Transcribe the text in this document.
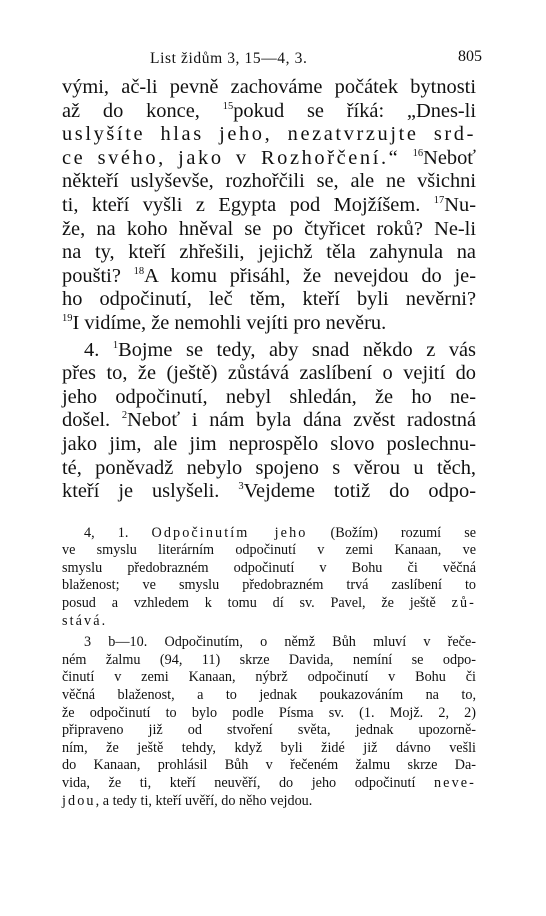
List židům 3, 15—4, 3.	805
vými, ač-li pevně zachováme počátek bytnosti
až do konce, $^{15}$pokud se říká: „Dnes-li
uslyšíte hlas jeho, nezatvrzujte srd-
ce svého, jako v Rozhořčení.“ $^{16}$Neboť
někteří uslyševše, rozhořčili se, ale ne všichni
ti, kteří vyšli z Egypta pod Mojžíšem. $^{17}$Nu-
že, na koho hněval se po čtyřicet roků? Ne-li
na ty, kteří zhřešili, jejichž těla zahynula na
poušti? $^{18}$A komu přisáhl, že nevejdou do je-
ho odpočinutí, leč těm, kteří byli nevěrni?
$^{19}$I vidíme, že nemohli vejíti pro nevěru.
4. $^1$Bojme se tedy, aby snad někdo z vás
přes to, že (ještě) zůstává zaslíbení o vejití do
jeho odpočinutí, nebyl shledán, že ho ne-
došel. $^2$Neboť i nám byla dána zvěst radostná
jako jim, ale jim neprospělo slovo poslechnu-
té, poněvadž nebylo spojeno s věrou u těch,
kteří je uslyšeli. $^3$Vejdeme totiž do odpo-
4, 1. Odpočinutím jeho (Božím) rozumí se
ve smyslu literárním odpočinutí v zemi Kanaan, ve
smyslu předobrazném odpočinutí v Bohu či věčná
blaženost; ve smyslu předobrazném trvá zaslíbení to
posud a vzhledem k tomu dí sv. Pavel, že ještě zů-
stává.
3 b—10. Odpočinutím, o němž Bůh mluví v řeče-
ném žalmu (94, 11) skrze Davida, nemíní se odpo-
činutí v zemi Kanaan, nýbrž odpočinutí v Bohu či
věčná blaženost, a to jednak poukazováním na to,
že odpočinutí to bylo podle Písma sv. (1. Mojž. 2, 2)
připraveno již od stvoření světa, jednak upozorně-
ním, že ještě tehdy, když byli židé již dávno vešli
do Kanaan, prohlásil Bůh v řečeném žalmu skrze Da-
vida, že ti, kteří neuvěří, do jeho odpočinutí neve-
jdou, a tedy ti, kteří uvěří, do něho vejdou.
